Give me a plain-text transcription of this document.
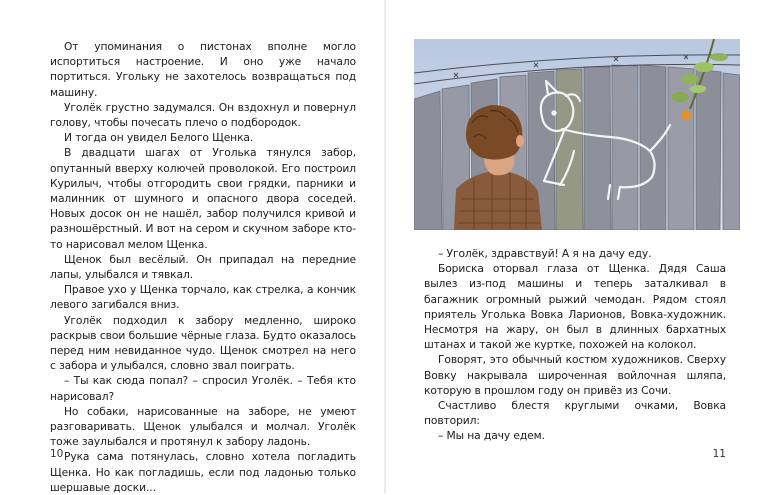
От упоминания о пистонах вполне могло испортиться настроение. И оно уже начало портиться. Угольку не захотелось возвращаться под машину.

Уголёк грустно задумался. Он вздохнул и повернул голову, чтобы почесать плечо о подбородок.

И тогда он увидел Белого Щенка.

В двадцати шагах от Уголька тянулся забор, опутанный вверху колючей проволокой. Его построил Курилыч, чтобы отгородить свои грядки, парники и малинник от шумного и опасного двора соседей. Новых досок он не нашёл, забор получился кривой и разношёрстный. И вот на сером и скучном заборе кто-то нарисовал мелом Щенка.

Щенок был весёлый. Он припадал на передние лапы, улыбался и тявкал.

Правое ухо у Щенка торчало, как стрелка, а кончик левого загибался вниз.

Уголёк подходил к забору медленно, широко раскрыв свои большие чёрные глаза. Будто оказалось перед ним невиданное чудо. Щенок смотрел на него с забора и улыбался, словно звал поиграть.

– Ты как сюда попал? – спросил Уголёк. – Тебя кто нарисовал?

Но собаки, нарисованные на заборе, не умеют разговаривать. Щенок улыбался и молчал. Уголёк тоже заулыбался и протянул к забору ладонь.

Рука сама потянулась, словно хотела погладить Щенка. Но как погладишь, если под ладонью только шершавые доски...

10

– Уголёк, здравствуй! А я на дачу еду.

Бориска оторвал глаза от Щенка. Дядя Саша вылез из-под машины и теперь заталкивал в багажник огромный рыжий чемодан. Рядом стоял приятель Уголька Вовка Ларионов, Вовка-художник. Несмотря на жару, он был в длинных бархатных штанах и такой же куртке, похожей на колокол.

Говорят, это обычный костюм художников. Сверху Вовку накрывала широченная войлочная шляпа, которую в прошлом году он привёз из Сочи.

Счастливо блестя круглыми очками, Вовка повторил:

– Мы на дачу едем.

11
